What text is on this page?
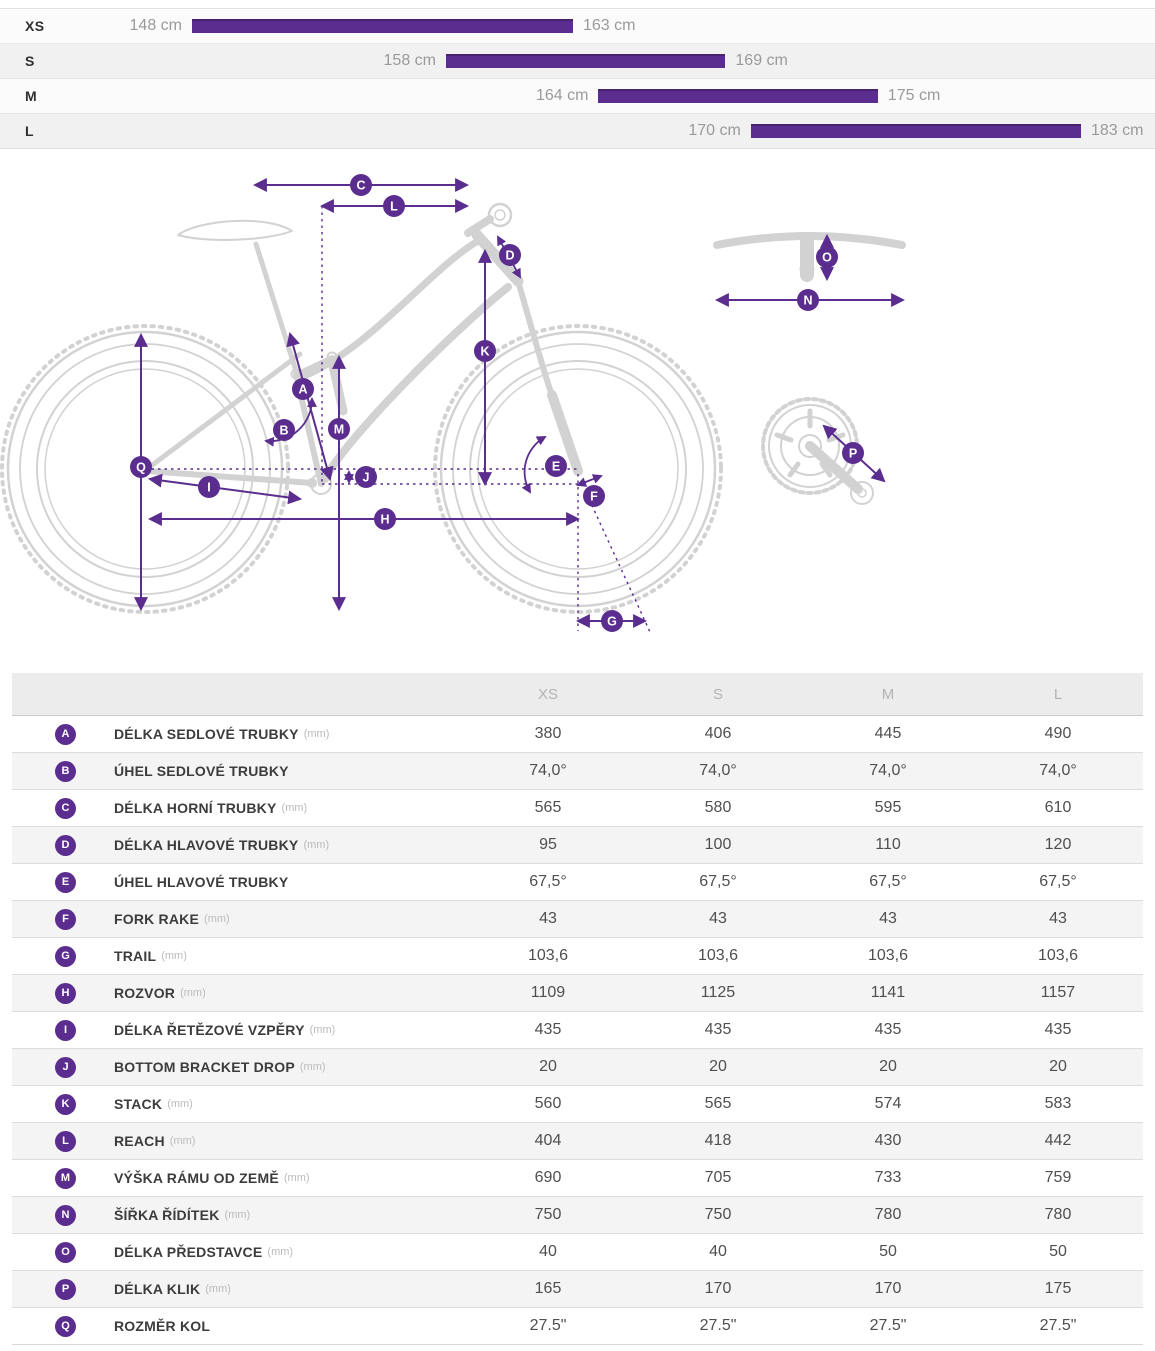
XS	148 cm	163 cm
S	158 cm	169 cm
M	164 cm	175 cm
L	170 cm	183 cm
A
B
C
D
E
F
G
H
I
J
K
L
M
N
O
P
Q
XS	S	M	L
A	DÉLKA SEDLOVÉ TRUBKY (mm)	380	406	445	490
B	ÚHEL SEDLOVÉ TRUBKY	74,0°	74,0°	74,0°	74,0°
C	DÉLKA HORNÍ TRUBKY (mm)	565	580	595	610
D	DÉLKA HLAVOVÉ TRUBKY (mm)	95	100	110	120
E	ÚHEL HLAVOVÉ TRUBKY	67,5°	67,5°	67,5°	67,5°
F	FORK RAKE (mm)	43	43	43	43
G	TRAIL (mm)	103,6	103,6	103,6	103,6
H	ROZVOR (mm)	1109	1125	1141	1157
I	DÉLKA ŘETĚZOVÉ VZPĚRY (mm)	435	435	435	435
J	BOTTOM BRACKET DROP (mm)	20	20	20	20
K	STACK (mm)	560	565	574	583
L	REACH (mm)	404	418	430	442
M	VÝŠKA RÁMU OD ZEMĚ (mm)	690	705	733	759
N	ŠÍŘKA ŘÍDÍTEK (mm)	750	750	780	780
O	DÉLKA PŘEDSTAVCE (mm)	40	40	50	50
P	DÉLKA KLIK (mm)	165	170	170	175
Q	ROZMĚR KOL	27.5"	27.5"	27.5"	27.5"
